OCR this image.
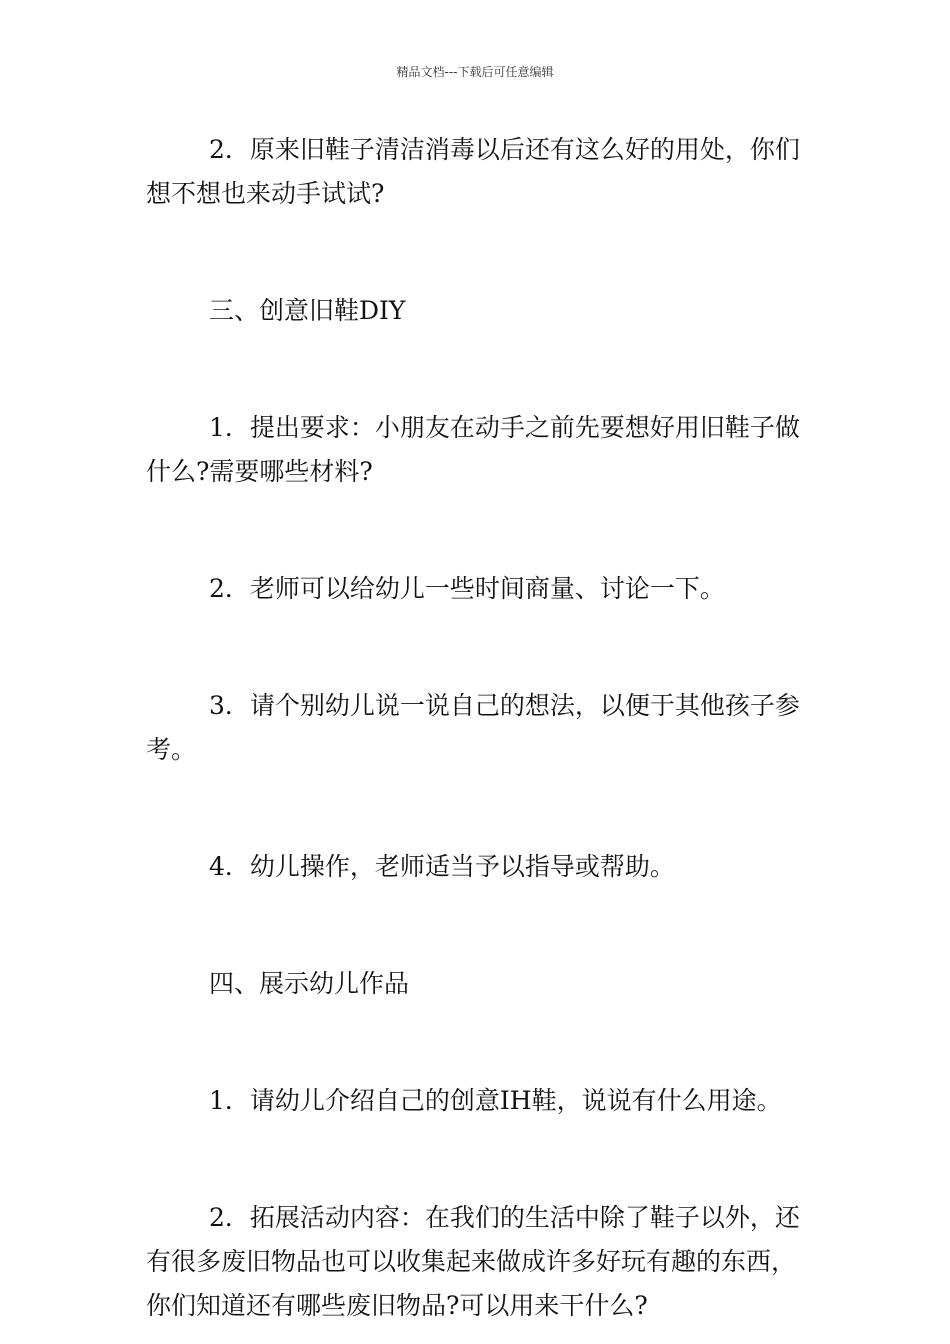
精品文档---下载后可任意编辑

2．原来旧鞋子清洁消毒以后还有这么好的用处，你们想不想也来动手试试?

三、创意旧鞋DIY

1．提出要求：小朋友在动手之前先要想好用旧鞋子做什么?需要哪些材料?

2．老师可以给幼儿一些时间商量、讨论一下。

3．请个别幼儿说一说自己的想法，以便于其他孩子参考。

4．幼儿操作，老师适当予以指导或帮助。

四、展示幼儿作品

1．请幼儿介绍自己的创意IH鞋，说说有什么用途。

2．拓展活动内容：在我们的生活中除了鞋子以外，还有很多废旧物品也可以收集起来做成许多好玩有趣的东西，你们知道还有哪些废旧物品?可以用来干什么?
